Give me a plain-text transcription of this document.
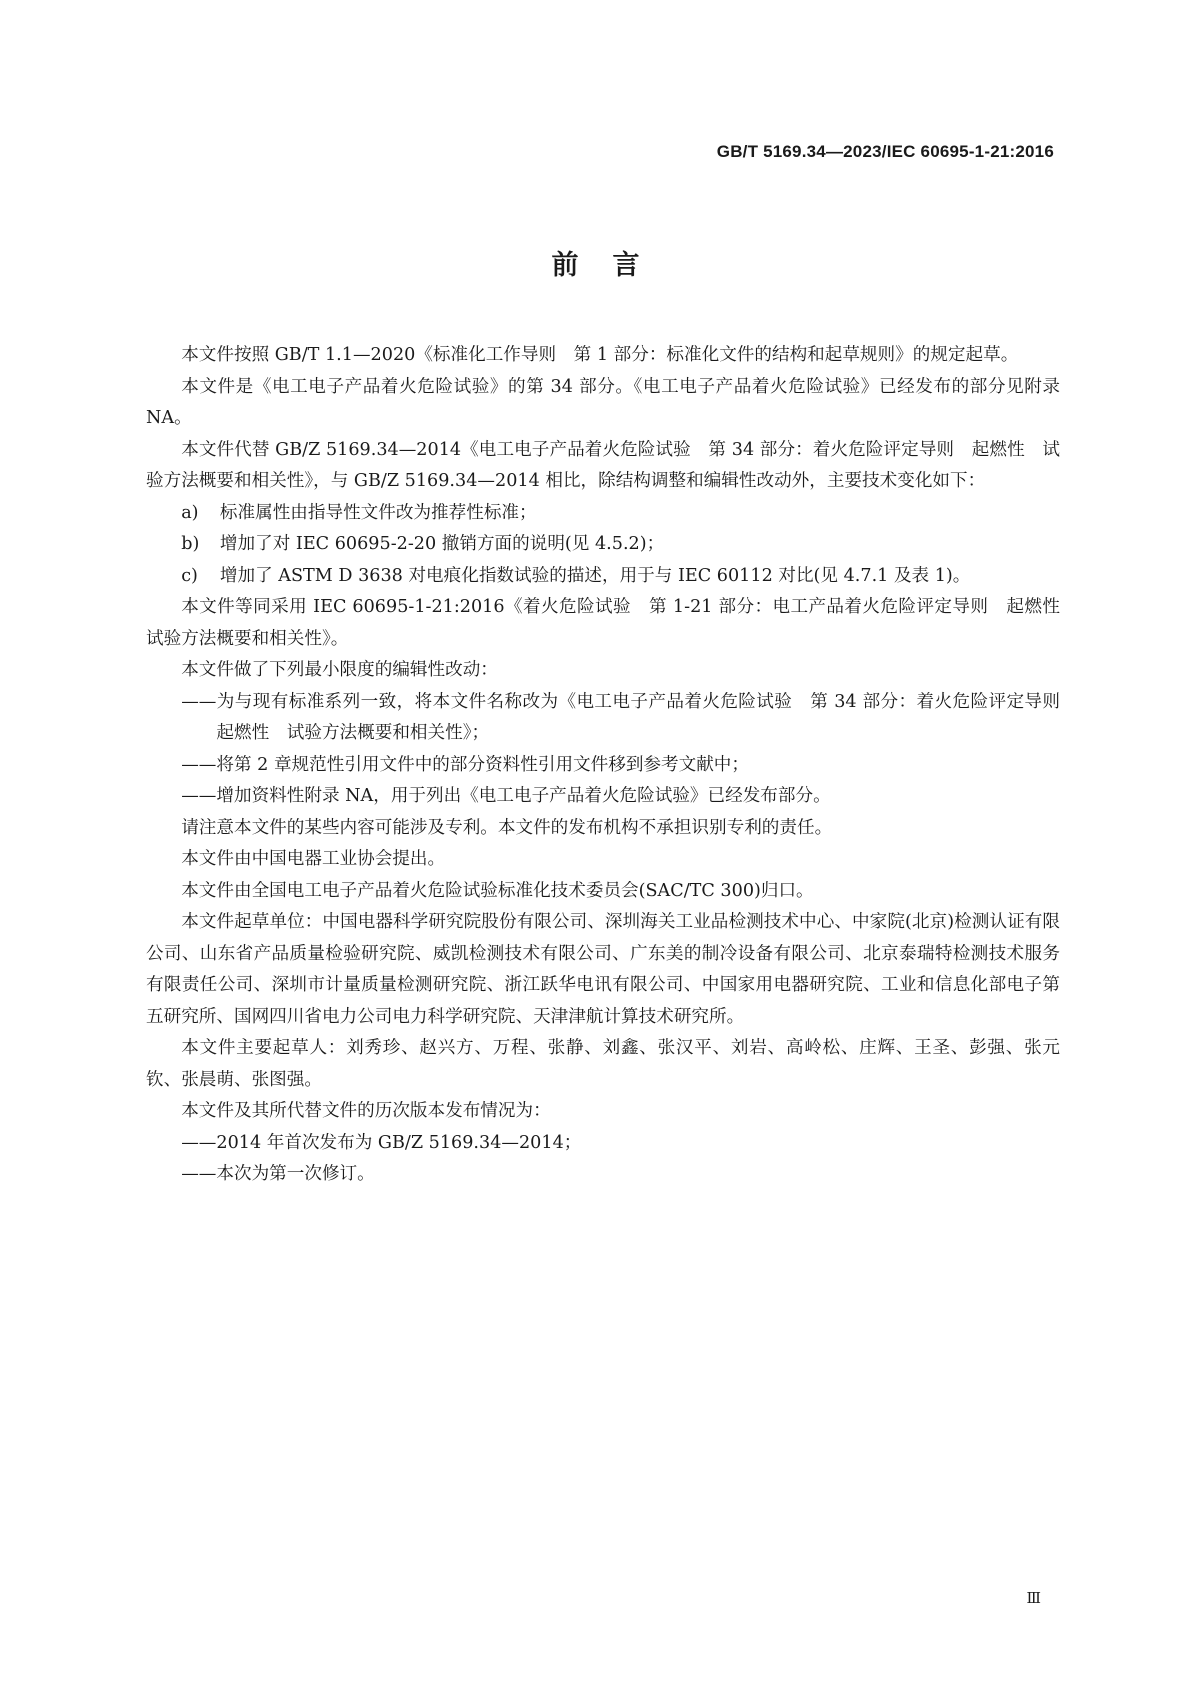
GB/T 5169.34—2023/IEC 60695-1-21:2016
前言

本文件按照 GB/T 1.1—2020《标准化工作导则　第 1 部分：标准化文件的结构和起草规则》的规定起草。

本文件是《电工电子产品着火危险试验》的第 34 部分。《电工电子产品着火危险试验》已经发布的部分见附录 NA。

本文件代替 GB/Z 5169.34—2014《电工电子产品着火危险试验　第 34 部分：着火危险评定导则　起燃性　试验方法概要和相关性》，与 GB/Z 5169.34—2014 相比，除结构调整和编辑性改动外，主要技术变化如下：

a) 标准属性由指导性文件改为推荐性标准；

b) 增加了对 IEC 60695-2-20 撤销方面的说明(见 4.5.2)；

c) 增加了 ASTM D 3638 对电痕化指数试验的描述，用于与 IEC 60112 对比(见 4.7.1 及表 1)。

本文件等同采用 IEC 60695-1-21:2016《着火危险试验　第 1-21 部分：电工产品着火危险评定导则　起燃性　试验方法概要和相关性》。

本文件做了下列最小限度的编辑性改动：

——为与现有标准系列一致，将本文件名称改为《电工电子产品着火危险试验　第 34 部分：着火危险评定导则　起燃性　试验方法概要和相关性》；

——将第 2 章规范性引用文件中的部分资料性引用文件移到参考文献中；

——增加资料性附录 NA，用于列出《电工电子产品着火危险试验》已经发布部分。

请注意本文件的某些内容可能涉及专利。本文件的发布机构不承担识别专利的责任。

本文件由中国电器工业协会提出。

本文件由全国电工电子产品着火危险试验标准化技术委员会(SAC/TC 300)归口。

本文件起草单位：中国电器科学研究院股份有限公司、深圳海关工业品检测技术中心、中家院(北京)检测认证有限公司、山东省产品质量检验研究院、威凯检测技术有限公司、广东美的制冷设备有限公司、北京泰瑞特检测技术服务有限责任公司、深圳市计量质量检测研究院、浙江跃华电讯有限公司、中国家用电器研究院、工业和信息化部电子第五研究所、国网四川省电力公司电力科学研究院、天津津航计算技术研究所。

本文件主要起草人：刘秀珍、赵兴方、万程、张静、刘鑫、张汉平、刘岩、高岭松、庄辉、王圣、彭强、张元钦、张晨萌、张图强。

本文件及其所代替文件的历次版本发布情况为：

——2014 年首次发布为 GB/Z 5169.34—2014；

——本次为第一次修订。

Ⅲ
